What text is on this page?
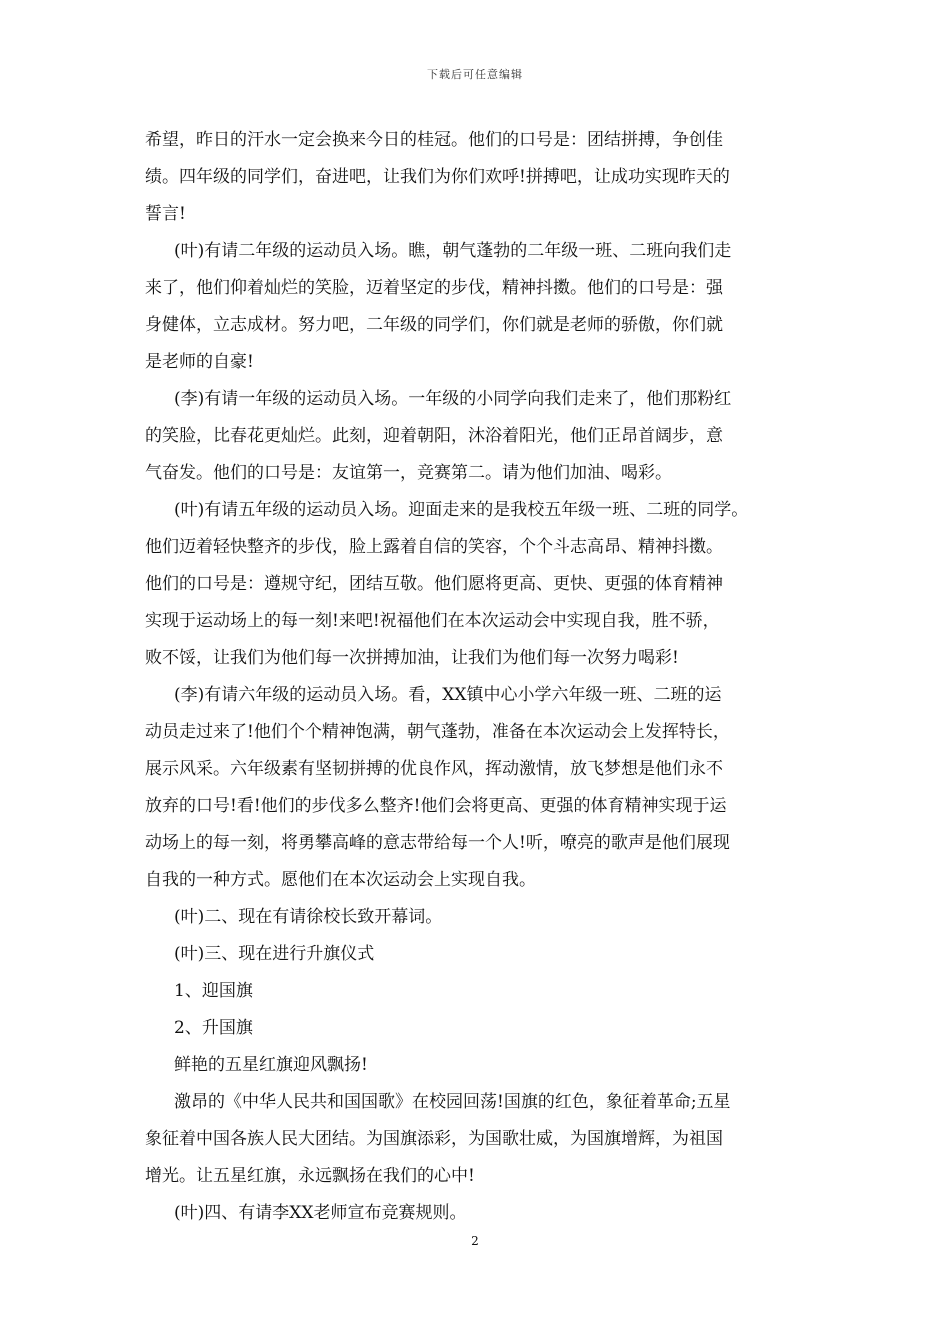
下载后可任意编辑

希望，昨日的汗水一定会换来今日的桂冠。他们的口号是：团结拼搏，争创佳

绩。四年级的同学们，奋进吧，让我们为你们欢呼!拼搏吧，让成功实现昨天的

誓言!

(叶)有请二年级的运动员入场。瞧，朝气蓬勃的二年级一班、二班向我们走

来了，他们仰着灿烂的笑脸，迈着坚定的步伐，精神抖擞。他们的口号是：强

身健体，立志成材。努力吧，二年级的同学们，你们就是老师的骄傲，你们就

是老师的自豪!

(李)有请一年级的运动员入场。一年级的小同学向我们走来了，他们那粉红

的笑脸，比春花更灿烂。此刻，迎着朝阳，沐浴着阳光，他们正昂首阔步，意

气奋发。他们的口号是：友谊第一，竞赛第二。请为他们加油、喝彩。

(叶)有请五年级的运动员入场。迎面走来的是我校五年级一班、二班的同学。

他们迈着轻快整齐的步伐，脸上露着自信的笑容，个个斗志高昂、精神抖擞。

他们的口号是：遵规守纪，团结互敬。他们愿将更高、更快、更强的体育精神

实现于运动场上的每一刻!来吧!祝福他们在本次运动会中实现自我，胜不骄，

败不馁，让我们为他们每一次拼搏加油，让我们为他们每一次努力喝彩!

(李)有请六年级的运动员入场。看，XX镇中心小学六年级一班、二班的运

动员走过来了!他们个个精神饱满，朝气蓬勃，准备在本次运动会上发挥特长，

展示风采。六年级素有坚韧拼搏的优良作风，挥动激情，放飞梦想是他们永不

放弃的口号!看!他们的步伐多么整齐!他们会将更高、更强的体育精神实现于运

动场上的每一刻，将勇攀高峰的意志带给每一个人!听，嘹亮的歌声是他们展现

自我的一种方式。愿他们在本次运动会上实现自我。

(叶)二、现在有请徐校长致开幕词。

(叶)三、现在进行升旗仪式

1、迎国旗

2、升国旗

鲜艳的五星红旗迎风飘扬!

激昂的《中华人民共和国国歌》在校园回荡!国旗的红色，象征着革命;五星

象征着中国各族人民大团结。为国旗添彩，为国歌壮威，为国旗增辉，为祖国

增光。让五星红旗，永远飘扬在我们的心中!

(叶)四、有请李XX老师宣布竞赛规则。

2
